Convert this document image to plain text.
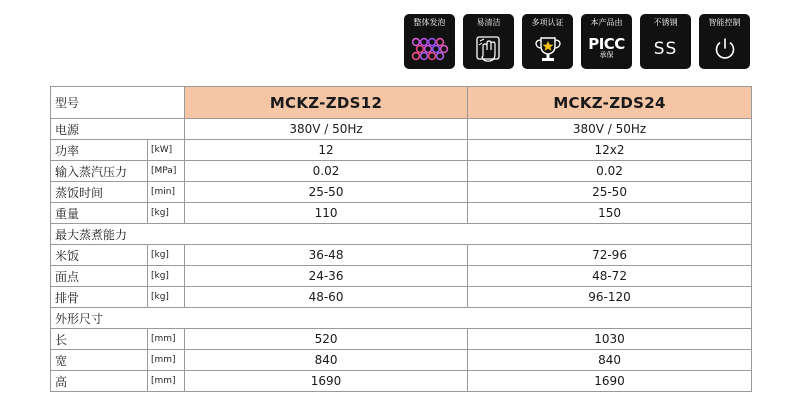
整体发泡	易清洁	多项认证	本产品由
PICC
承保
不锈钢
SS
智能控制
型号		MCKZ-ZDS12	MCKZ-ZDS24
电源		380V / 50Hz	380V / 50Hz
功率	[kW]	12	12x2
输入蒸汽压力	[MPa]	0.02	0.02
蒸饭时间	[min]	25-50	25-50
重量	[kg]	110	150
最大蒸煮能力			
米饭	[kg]	36-48	72-96
面点	[kg]	24-36	48-72
排骨	[kg]	48-60	96-120
外形尺寸			
长	[mm]	520	1030
宽	[mm]	840	840
高	[mm]	1690	1690
